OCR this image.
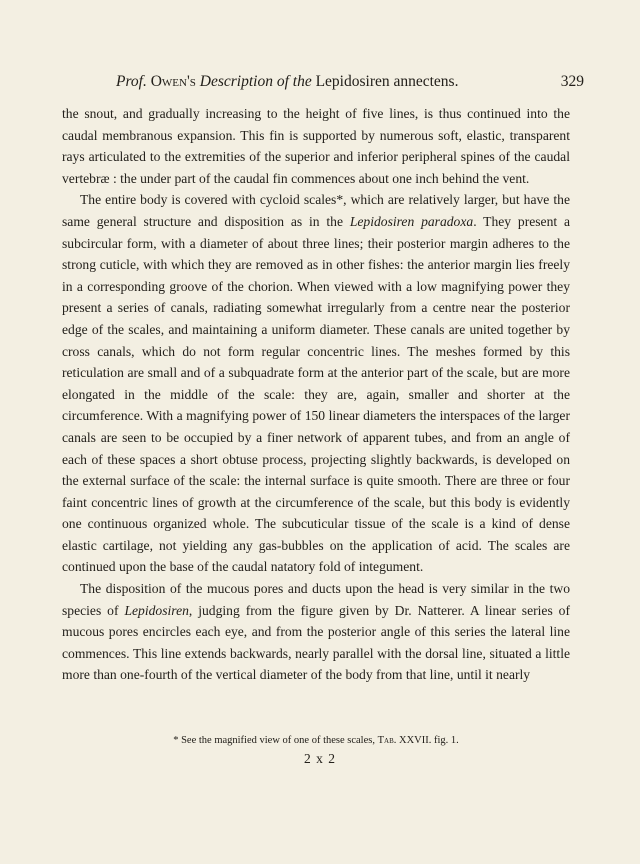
Prof. Owen's Description of the Lepidosiren annectens.	329

the snout, and gradually increasing to the height of five lines, is thus continued into the caudal membranous expansion. This fin is supported by numerous soft, elastic, transparent rays articulated to the extremities of the superior and inferior peripheral spines of the caudal vertebræ : the under part of the caudal fin commences about one inch behind the vent.

The entire body is covered with cycloid scales*, which are relatively larger, but have the same general structure and disposition as in the Lepidosiren paradoxa. They present a subcircular form, with a diameter of about three lines; their posterior margin adheres to the strong cuticle, with which they are removed as in other fishes: the anterior margin lies freely in a corresponding groove of the chorion. When viewed with a low magnifying power they present a series of canals, radiating somewhat irregularly from a centre near the posterior edge of the scales, and maintaining a uniform diameter. These canals are united together by cross canals, which do not form regular concentric lines. The meshes formed by this reticulation are small and of a subquadrate form at the anterior part of the scale, but are more elongated in the middle of the scale: they are, again, smaller and shorter at the circumference. With a magnifying power of 150 linear diameters the interspaces of the larger canals are seen to be occupied by a finer network of apparent tubes, and from an angle of each of these spaces a short obtuse process, projecting slightly backwards, is developed on the external surface of the scale: the internal surface is quite smooth. There are three or four faint concentric lines of growth at the circumference of the scale, but this body is evidently one continuous organized whole. The subcuticular tissue of the scale is a kind of dense elastic cartilage, not yielding any gas-bubbles on the application of acid. The scales are continued upon the base of the caudal natatory fold of integument.

The disposition of the mucous pores and ducts upon the head is very similar in the two species of Lepidosiren, judging from the figure given by Dr. Natterer. A linear series of mucous pores encircles each eye, and from the posterior angle of this series the lateral line commences. This line extends backwards, nearly parallel with the dorsal line, situated a little more than one-fourth of the vertical diameter of the body from that line, until it nearly

* See the magnified view of one of these scales, Tab. XXVII. fig. 1.
2 x 2
